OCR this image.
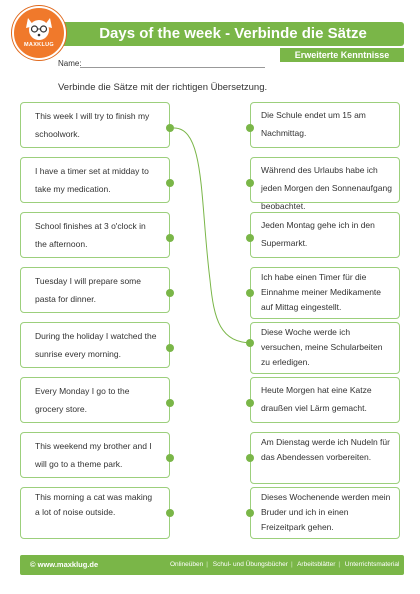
Days of the week - Verbinde die Sätze
MAXKLUG
Erweiterte Kenntnisse
Name:
Verbinde die Sätze mit der richtigen Übersetzung.
This week I will try to finish my schoolwork.
I have a timer set at midday to take my medication.
School finishes at 3 o'clock in the afternoon.
Tuesday I will prepare some pasta for dinner.
During the holiday I watched the sunrise every morning.
Every Monday I go to the grocery store.
This weekend my brother and I will go to a theme park.
This morning a cat was making a lot of noise outside.
Die Schule endet um 15 am Nachmittag.
Während des Urlaubs habe ich jeden Morgen den Sonnenaufgang beobachtet.
Jeden Montag gehe ich in den Supermarkt.
Ich habe einen Timer für die Einnahme meiner Medikamente auf Mittag eingestellt.
Diese Woche werde ich versuchen, meine Schularbeiten zu erledigen.
Heute Morgen hat eine Katze draußen viel Lärm gemacht.
Am Dienstag werde ich Nudeln für das Abendessen vorbereiten.
Dieses Wochenende werden mein Bruder und ich in einen Freizeitpark gehen.
© www.maxklug.de	Onlineüben | Schul- und Übungsbücher | Arbeitsblätter | Unterrichtsmaterial
